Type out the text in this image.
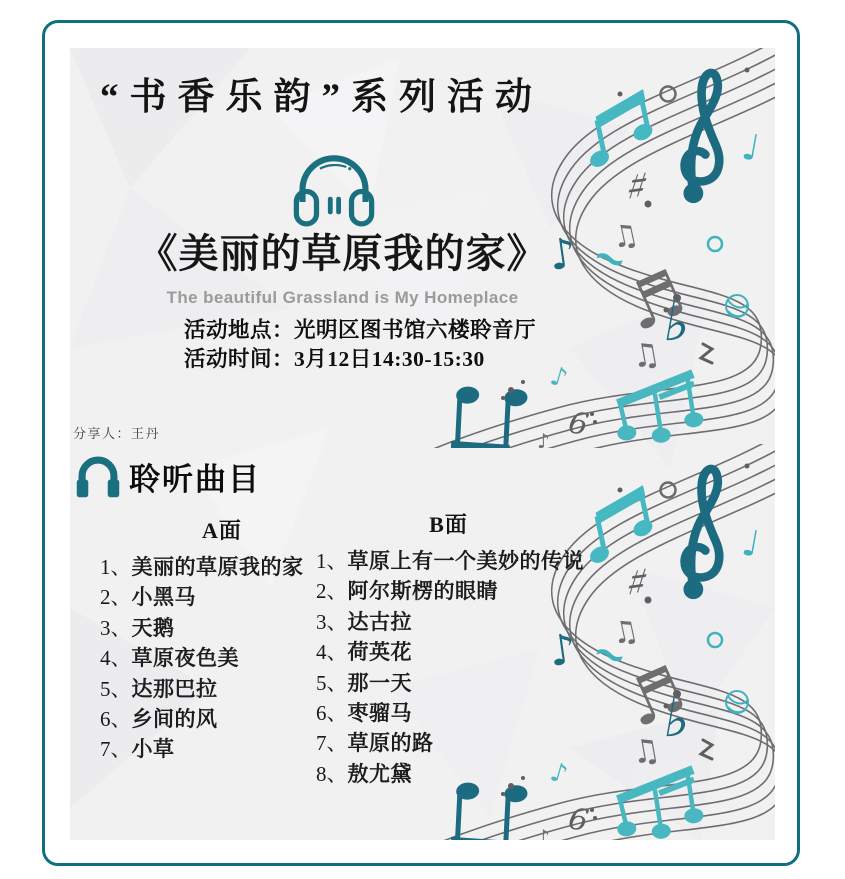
“书香乐韵”系列活动
《美丽的草原我的家》
The beautiful Grassland is My Homeplace
活动地点：光明区图书馆六楼聆音厅
活动时间：3月12日14:30-15:30
分享人：王丹
聆听曲目
A面
1、 美丽的草原我的家
2、 小黑马
3、 天鹅
4、 草原夜色美
5、 达那巴拉
6、 乡间的风
7、 小草
B面
1、 草原上有一个美妙的传说
2、 阿尔斯楞的眼睛
3、 达古拉
4、 荷英花
5、 那一天
6、 枣骝马
7、 草原的路
8、 敖尤黛
